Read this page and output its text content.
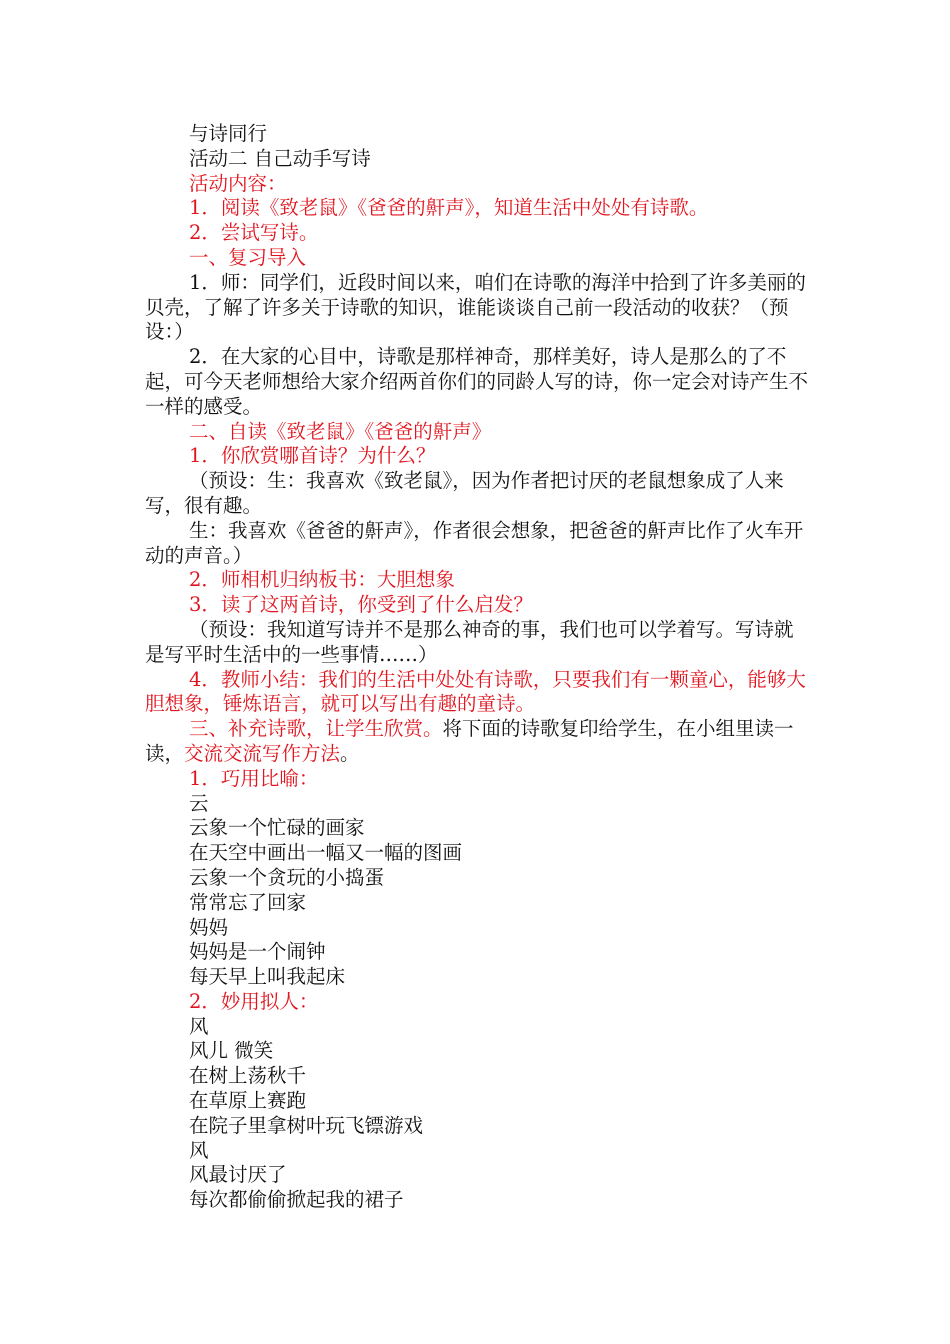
与诗同行
活动二 自己动手写诗
活动内容：
1．阅读《致老鼠》《爸爸的鼾声》，知道生活中处处有诗歌。
2．尝试写诗。
一、复习导入
1．师：同学们，近段时间以来，咱们在诗歌的海洋中拾到了许多美丽的贝壳，了解了许多关于诗歌的知识，谁能谈谈自己前一段活动的收获？（预设：）
2．在大家的心目中，诗歌是那样神奇，那样美好，诗人是那么的了不起，可今天老师想给大家介绍两首你们的同龄人写的诗，你一定会对诗产生不一样的感受。
二、自读《致老鼠》《爸爸的鼾声》
1．你欣赏哪首诗？为什么？
（预设：生：我喜欢《致老鼠》，因为作者把讨厌的老鼠想象成了人来写，很有趣。
生：我喜欢《爸爸的鼾声》，作者很会想象，把爸爸的鼾声比作了火车开动的声音。）
2．师相机归纳板书：大胆想象
3．读了这两首诗，你受到了什么启发？
（预设：我知道写诗并不是那么神奇的事，我们也可以学着写。写诗就是写平时生活中的一些事情……）
4．教师小结：我们的生活中处处有诗歌，只要我们有一颗童心，能够大胆想象，锤炼语言，就可以写出有趣的童诗。
三、补充诗歌，让学生欣赏。将下面的诗歌复印给学生，在小组里读一读，交流交流写作方法。
1．巧用比喻：
云
云象一个忙碌的画家
在天空中画出一幅又一幅的图画
云象一个贪玩的小捣蛋
常常忘了回家
妈妈
妈妈是一个闹钟
每天早上叫我起床
2．妙用拟人：
风
风儿 微笑
在树上荡秋千
在草原上赛跑
在院子里拿树叶玩飞镖游戏
风
风最讨厌了
每次都偷偷掀起我的裙子
